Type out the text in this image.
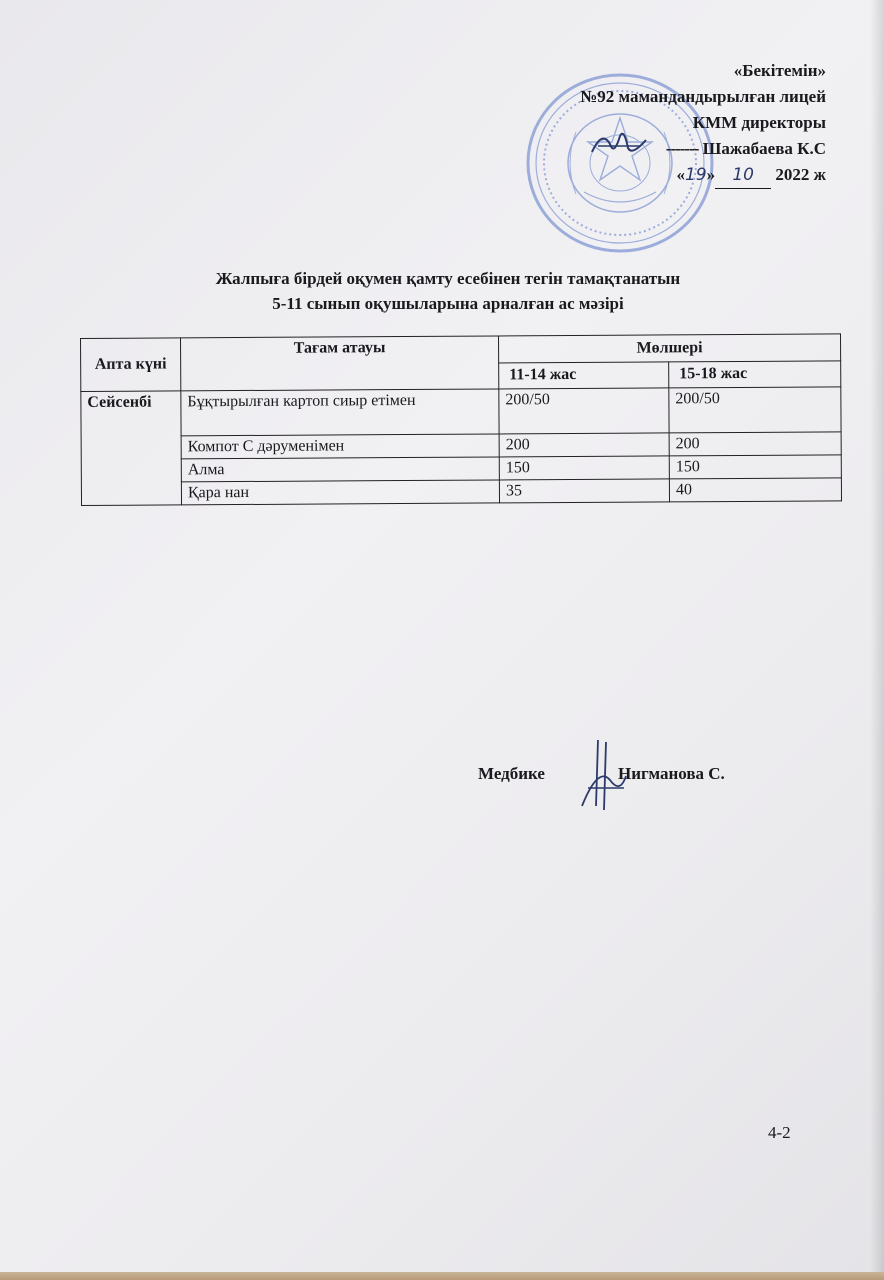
«Бекітемін»
№92 мамандандырылған лицей
КММ директоры
------- Шажабаева К.С
«19» 10 2022 ж
Жалпыға бірдей оқумен қамту есебінен тегін тамақтанатын
5-11 сынып оқушыларына арналған ас мәзірі
Апта күні	Тағам атауы	Мөлшері	
		11-14 жас	15-18 жас
Сейсенбі	Бұқтырылған картоп сиыр етімен	200/50	200/50
	Компот С дәруменімен	200	200
	Алма	150	150
	Қара нан	35	40
Медбике	Нигманова С.
4-2
